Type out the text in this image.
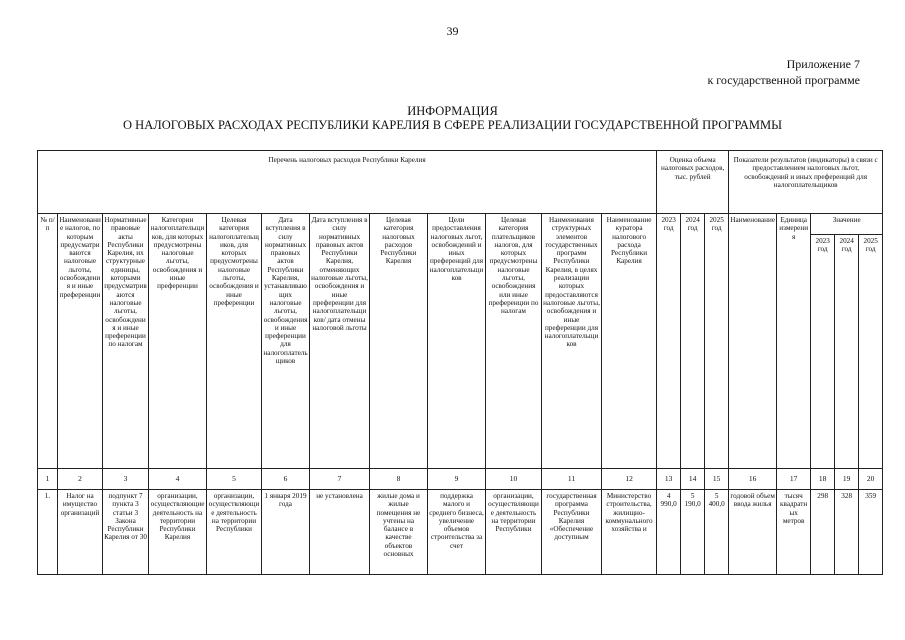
39
Приложение 7
к государственной программе
ИНФОРМАЦИЯ
О НАЛОГОВЫХ РАСХОДАХ РЕСПУБЛИКИ КАРЕЛИЯ В СФЕРЕ РЕАЛИЗАЦИИ ГОСУДАРСТВЕННОЙ ПРОГРАММЫ
Перечень налоговых расходов Республики Карелия												Оценка объема налоговых расходов, тыс. рублей			Показатели результатов (индикаторы) в связи с предоставлением налоговых льгот, освобождений и иных преференций для налогоплательщиков				
№ п/п	Наименование налогов, по которым предусматриваются налоговые льготы, освобождения и иные преференции	Нормативные правовые акты Республики Карелия, их структурные единицы, которыми предусматриваются налоговые льготы, освобождения и иные преференции по налогам	Категории налогоплательщиков, для которых предусмотрены налоговые льготы, освобождения и иные преференции	Целевая категория налогоплательщиков, для которых предусмотрены налоговые льготы, освобождения и иные преференции	Дата вступления в силу нормативных правовых актов Республики Карелия, устанавливающих налоговые льготы, освобождения и иные преференции для налогоплательщиков	Дата вступления в силу нормативных правовых актов Республики Карелия, отменяющих налоговые льготы, освобождения и иные преференции для налогоплательщиков/ дата отмены налоговой льготы	Целевая категория налоговых расходов Республики Карелия	Цели предоставления налоговых льгот, освобождений и иных преференций для налогоплательщиков	Целевая категория плательщиков налогов, для которых предусмотрены налоговые льготы, освобождения или иные преференции по налогам	Наименования структурных элементов государственных программ Республики Карелия, в целях реализации которых предоставляются налоговые льготы, освобождения и иные преференции для налогоплательщиков	Наименование куратора налогового расхода Республики Карелия	2023 год	2024 год	2025 год	Наименование	Единица измерения	Значение		
																	2023 год	2024 год	2025 год
1	2	3	4	5	6	7	8	9	10	11	12	13	14	15	16	17	18	19	20
1.	Налог на имущество организаций	подпункт 7 пункта 3 статьи 3 Закона Республики Карелия от 30	организации, осуществляющие деятельность на территории Республики Карелия	организации, осуществляющие деятельность на территории Республики	1 января 2019 года	не установлена	жилые дома и жилые помещения не учтены на балансе в качестве объектов основных	поддержка малого и среднего бизнеса, увеличение объемов строительства за счет	организации, осуществляющие деятельность на территории Республики	государственная программа Республики Карелия «Обеспечение доступным	Министерство строительства, жилищно-коммунального хозяйства и	4 990,0	5 190,0	5 400,0	годовой объем ввода жилья	тысяч квадратных метров	298	328	359
